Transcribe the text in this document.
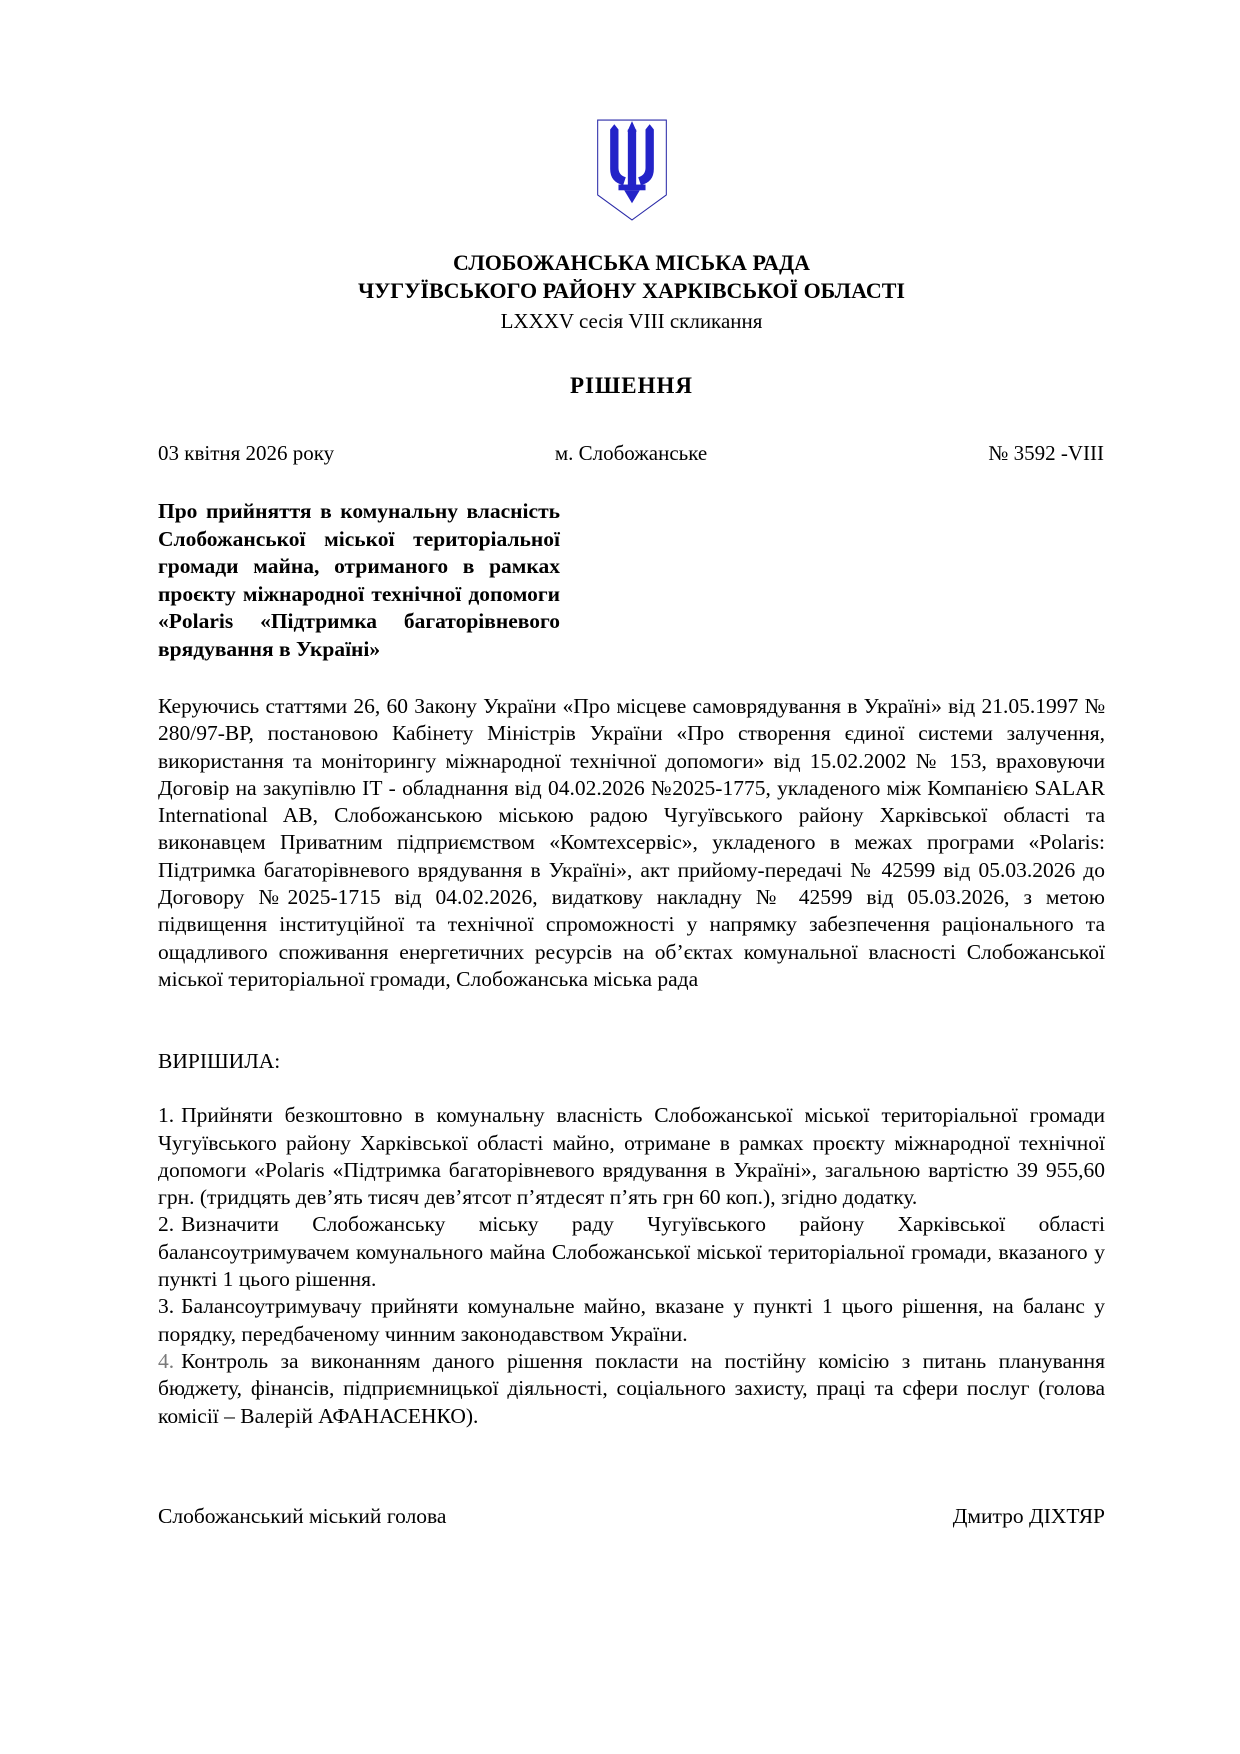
СЛОБОЖАНСЬКА МІСЬКА РАДА
ЧУГУЇВСЬКОГО РАЙОНУ ХАРКІВСЬКОЇ ОБЛАСТІ
LXXXV сесія VIII скликання
РІШЕННЯ
03 квітня 2026 року	м. Слобожанське	№ 3592 -VIII
Про прийняття в комунальну власність Слобожанської міської територіальної громади майна, отриманого в рамках проєкту міжнародної технічної допомоги «Polaris «Підтримка багаторівневого врядування в Україні»
Керуючись статтями 26, 60 Закону України «Про місцеве самоврядування в Україні» від 21.05.1997 № 280/97-ВР, постановою Кабінету Міністрів України «Про створення єдиної системи залучення, використання та моніторингу міжнародної технічної допомоги» від 15.02.2002 № 153, враховуючи Договір на закупівлю ІТ - обладнання від 04.02.2026 №2025-1775, укладеного між Компанією SALAR International AB, Слобожанською міською радою Чугуївського району Харківської області та виконавцем Приватним підприємством «Комтехсервіс», укладеного в межах програми «Polaris: Підтримка багаторівневого врядування в Україні», акт прийому-передачі № 42599 від 05.03.2026 до Договору №2025-1715 від 04.02.2026, видаткову накладну № 42599 від 05.03.2026, з метою підвищення інституційної та технічної спроможності у напрямку забезпечення раціонального та ощадливого споживання енергетичних ресурсів на об’єктах комунальної власності Слобожанської міської територіальної громади, Слобожанська міська рада
ВИРІШИЛА:

1. Прийняти безкоштовно в комунальну власність Слобожанської міської територіальної громади Чугуївського району Харківської області майно, отримане в рамках проєкту міжнародної технічної допомоги «Polaris «Підтримка багаторівневого врядування в Україні», загальною вартістю 39 955,60 грн. (тридцять дев’ять тисяч дев’ятсот п’ятдесят п’ять грн 60 коп.), згідно додатку.

2. Визначити Слобожанську міську раду Чугуївського району Харківської області балансоутримувачем комунального майна Слобожанської міської територіальної громади, вказаного у пункті 1 цього рішення.

3. Балансоутримувачу прийняти комунальне майно, вказане у пункті 1 цього рішення, на баланс у порядку, передбаченому чинним законодавством України.

4. Контроль за виконанням даного рішення покласти на постійну комісію з питань планування бюджету, фінансів, підприємницької діяльності, соціального захисту, праці та сфери послуг (голова комісії – Валерій АФАНАСЕНКО).

Слобожанський міський голова	Дмитро ДІХТЯР
